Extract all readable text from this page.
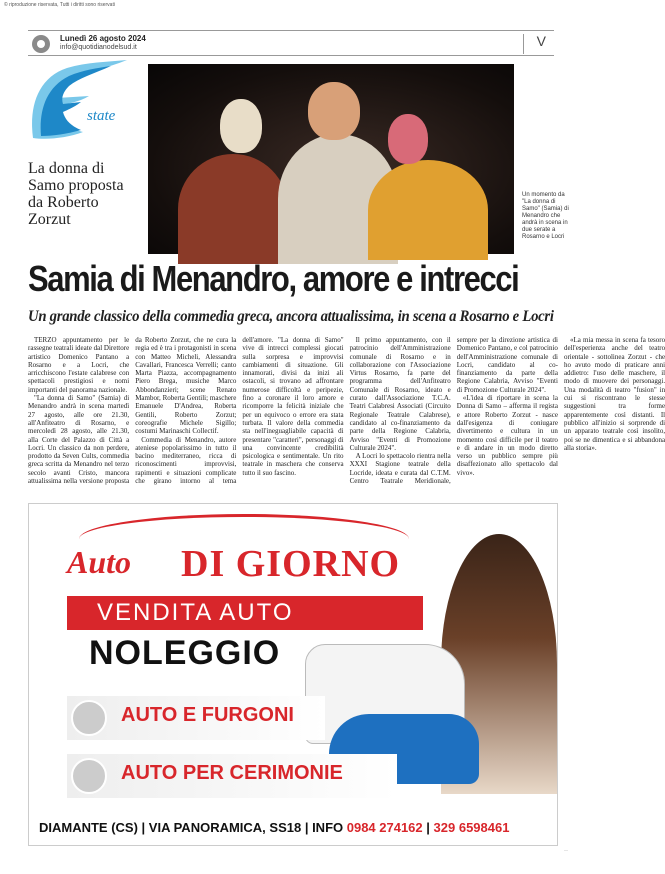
© riproduzione riservata, Tutti i diritti sono riservati
Lunedì 26 agosto 2024
info@quotidianodelsud.it	V
state
Un momento da "La donna di Samo" (Samia) di Menandro che andrà in scena in due serate a Rosarno e Locri
La donna di Samo proposta da Roberto Zorzut
Samia di Menandro, amore e intrecci
Un grande classico della commedia greca, ancora attualissima, in scena a Rosarno e Locri

TERZO appuntamento per le rassegne teatrali ideate dal Direttore artistico Domenico Pantano a Rosarno e a Locri, che arricchiscono l'estate calabrese con spettacoli prestigiosi e nomi importanti del panorama nazionale.

"La donna di Samo" (Samia) di Menandro andrà in scena martedì 27 agosto, alle ore 21.30, all'Anfiteatro di Rosarno, e mercoledì 28 agosto, alle 21.30, alla Corte del Palazzo di Città a Locri. Un classico da non perdere, prodotto da Seven Cults, commedia greca scritta da Menandro nel terzo secolo avanti Cristo, mancora attualissima nella versione proposta da Roberto Zorzut, che ne cura la regia ed è tra i protagonisti in scena con Matteo Micheli, Alessandra Cavallari, Francesca Verrelli; canto Marta Piazza, accompagnamento Piero Brega, musiche Marco Abbondanzieri; scene Renato Mambor, Roberta Gentili; maschere Emanuele D'Andrea, Roberta Gentili, Roberto Zorzut; coreografie Michele Sigillo; costumi Marinaschi Collectif.

Commedia di Menandro, autore ateniese popolarissimo in tutto il bacino mediterraneo, ricca di riconoscimenti improvvisi, rapimenti e situazioni complicate che girano intorno al tema dell'amore. "La donna di Samo" vive di intrecci complessi giocati sulla sorpresa e improvvisi cambiamenti di situazione. Gli innamorati, divisi da inizi ali ostacoli, si trovano ad affrontare numerose difficoltà e peripezie, fino a coronare il loro amore e ricomporre la felicità iniziale che per un equivoco o errore era stata turbata. Il valore della commedia sta nell'ineguagliabile capacità di presentare "caratteri", personaggi di una convincente credibilità psicologica e sentimentale. Un rito teatrale in maschera che conserva tutto il suo fascino.

Il primo appuntamento, con il patrocinio dell'Amministrazione comunale di Rosarno e in collaborazione con l'Associazione Virtus Rosarno, fa parte del programma dell'Anfiteatro Comunale di Rosarno, ideato e curato dall'Associazione T.C.A. Teatri Calabresi Associati (Circuito Regionale Teatrale Calabrese), candidato al co-finanziamento da parte della Regione Calabria, Avviso "Eventi di Promozione Culturale 2024".

A Locri lo spettacolo rientra nella XXXI Stagione teatrale della Locride, ideata e curata dal C.T.M. Centro Teatrale Meridionale, sempre per la direzione artistica di Domenico Pantano, e col patrocinio dell'Amministrazione comunale di Locri, candidato al co-finanziamento da parte della Regione Calabria, Avviso "Eventi di Promozione Culturale 2024".

«L'idea di riportare in scena la Donna di Samo – afferma il regista e attore Roberto Zorzut - nasce dall'esigenza di coniugare divertimento e cultura in un momento così difficile per il teatro e di andare in un modo diretto verso un pubblico sempre più disaffezionato allo spettacolo dal vivo».

«La mia messa in scena fa tesoro dell'esperienza anche del teatro orientale - sottolinea Zorzut - che ho avuto modo di praticare anni addietro: l'uso delle maschere, il modo di muovere dei personaggi. Una modalità di teatro "fusion" in cui si riscontrano le stesse suggestioni tra forme apparentemente così distanti. Il pubblico all'inizio si sorprende di un apparato teatrale così insolito, poi se ne dimentica e si abbandona alla storia».

Auto DI GIORNO
VENDITA AUTO
NOLEGGIO
AUTO E FURGONI
AUTO PER CERIMONIE
DIAMANTE (CS) | VIA PANORAMICA, SS18 | INFO 0984 274162 | 329 6598461
··
